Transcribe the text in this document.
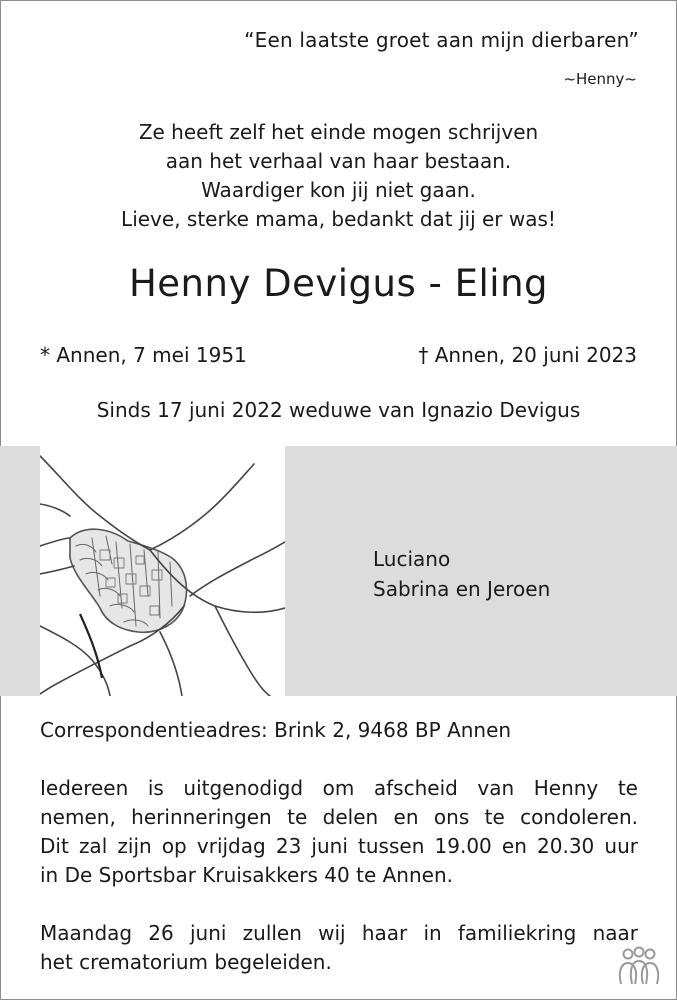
“Een laatste groet aan mijn dierbaren”
~Henny~
Ze heeft zelf het einde mogen schrijven
aan het verhaal van haar bestaan.
Waardiger kon jij niet gaan.
Lieve, sterke mama, bedankt dat jij er was!
Henny Devigus - Eling
* Annen, 7 mei 1951	† Annen, 20 juni 2023
Sinds 17 juni 2022 weduwe van Ignazio Devigus
Luciano
Sabrina en Jeroen
Correspondentieadres: Brink 2, 9468 BP Annen
Iedereen is uitgenodigd om afscheid van Henny te
nemen, herinneringen te delen en ons te condoleren.
Dit zal zijn op vrijdag 23 juni tussen 19.00 en 20.30 uur
in De Sportsbar Kruisakkers 40 te Annen.
Maandag 26 juni zullen wij haar in familiekring naar
het crematorium begeleiden.
